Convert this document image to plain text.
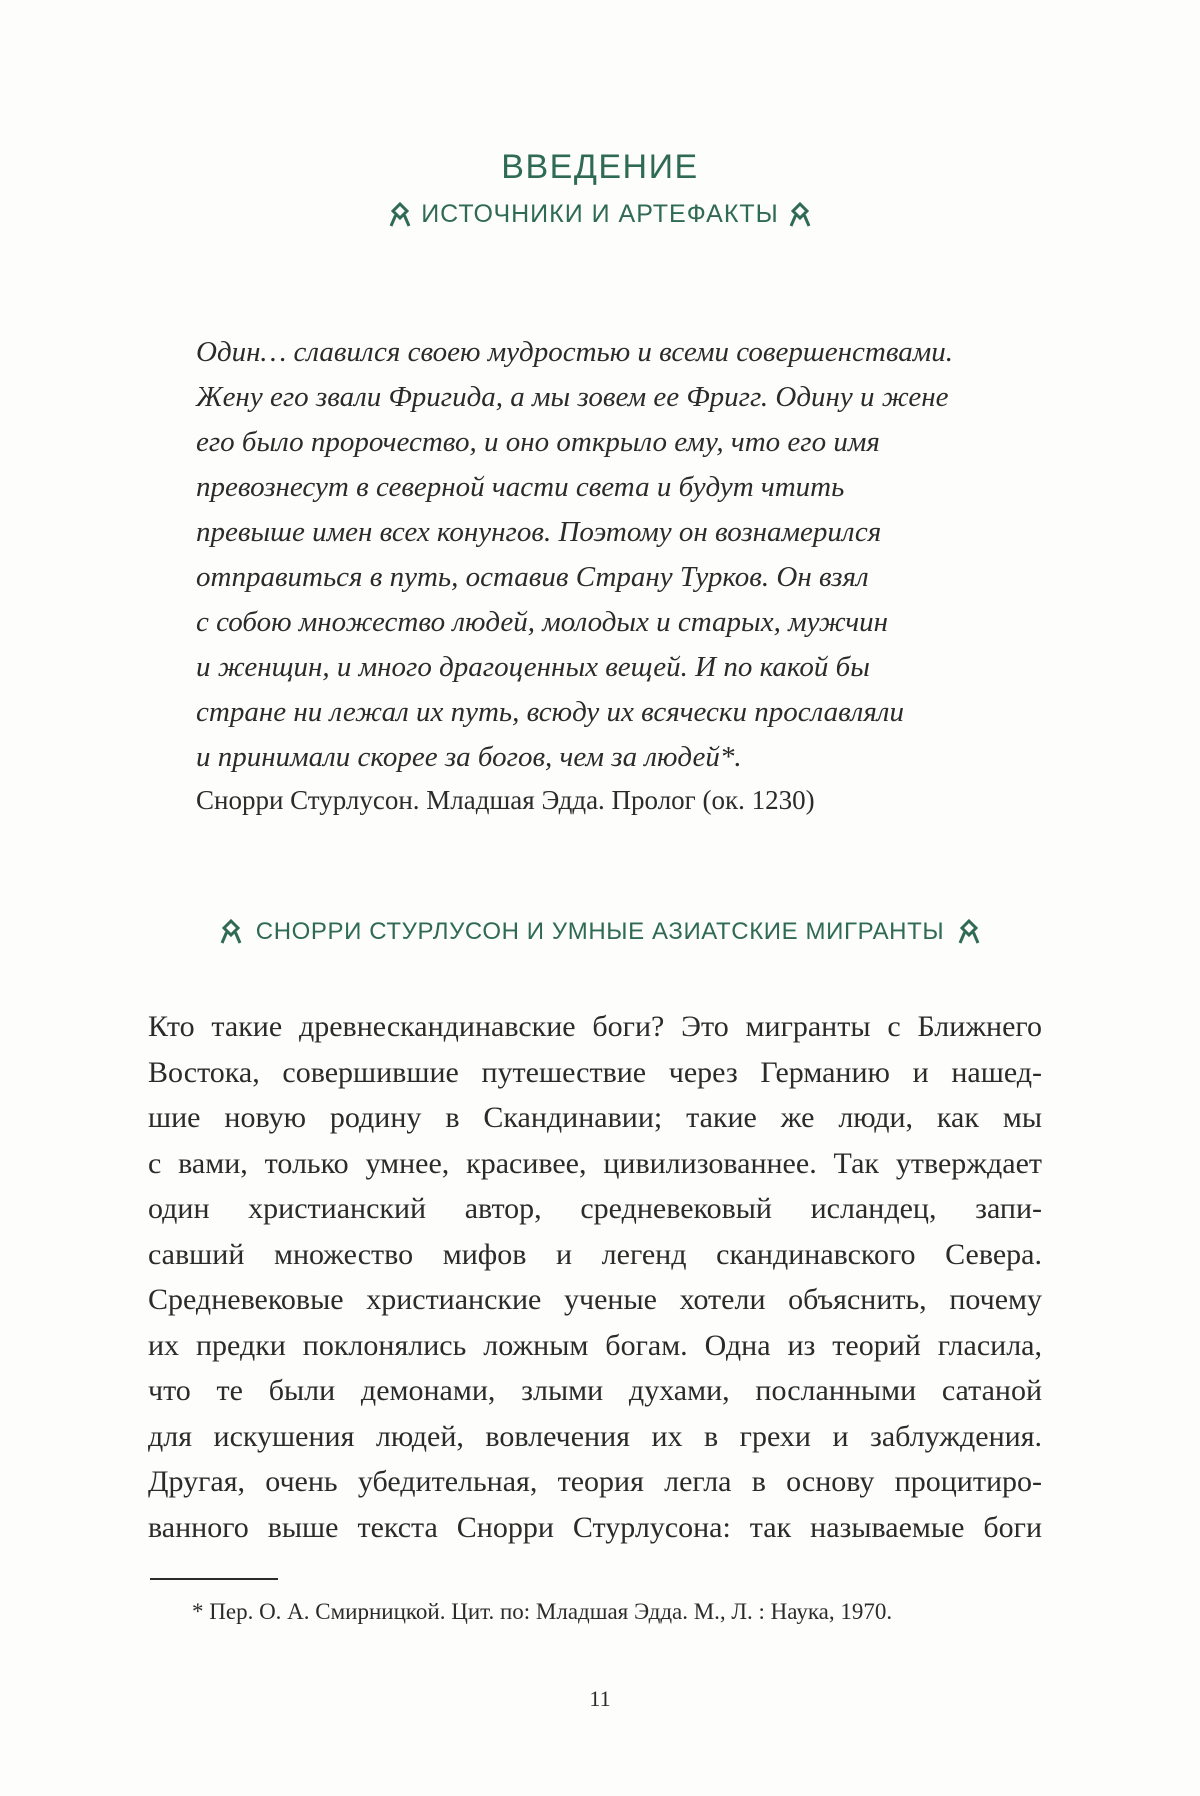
ВВЕДЕНИЕ
ИСТОЧНИКИ И АРТЕФАКТЫ
Один… славился своею мудростью и всеми совершенствами.
Жену его звали Фригида, а мы зовем ее Фригг. Одину и жене
его было пророчество, и оно открыло ему, что его имя
превознесут в северной части света и будут чтить
превыше имен всех конунгов. Поэтому он вознамерился
отправиться в путь, оставив Страну Турков. Он взял
с собою множество людей, молодых и старых, мужчин
и женщин, и много драгоценных вещей. И по какой бы
стране ни лежал их путь, всюду их всячески прославляли
и принимали скорее за богов, чем за людей*.
Снорри Стурлусон. Младшая Эдда. Пролог (ок. 1230)
СНОРРИ СТУРЛУСОН И УМНЫЕ АЗИАТСКИЕ МИГРАНТЫ
Кто такие древнескандинавские боги? Это мигранты с Ближнего
Востока, совершившие путешествие через Германию и нашед-
шие новую родину в Скандинавии; такие же люди, как мы
с вами, только умнее, красивее, цивилизованнее. Так утверждает
один христианский автор, средневековый исландец, запи-
савший множество мифов и легенд скандинавского Севера.
Средневековые христианские ученые хотели объяснить, почему
их предки поклонялись ложным богам. Одна из теорий гласила,
что те были демонами, злыми духами, посланными сатаной
для искушения людей, вовлечения их в грехи и заблуждения.
Другая, очень убедительная, теория легла в основу процитиро-
ванного выше текста Снорри Стурлусона: так называемые боги
* Пер. О. А. Смирницкой. Цит. по: Младшая Эдда. М., Л. : Наука, 1970.
11
